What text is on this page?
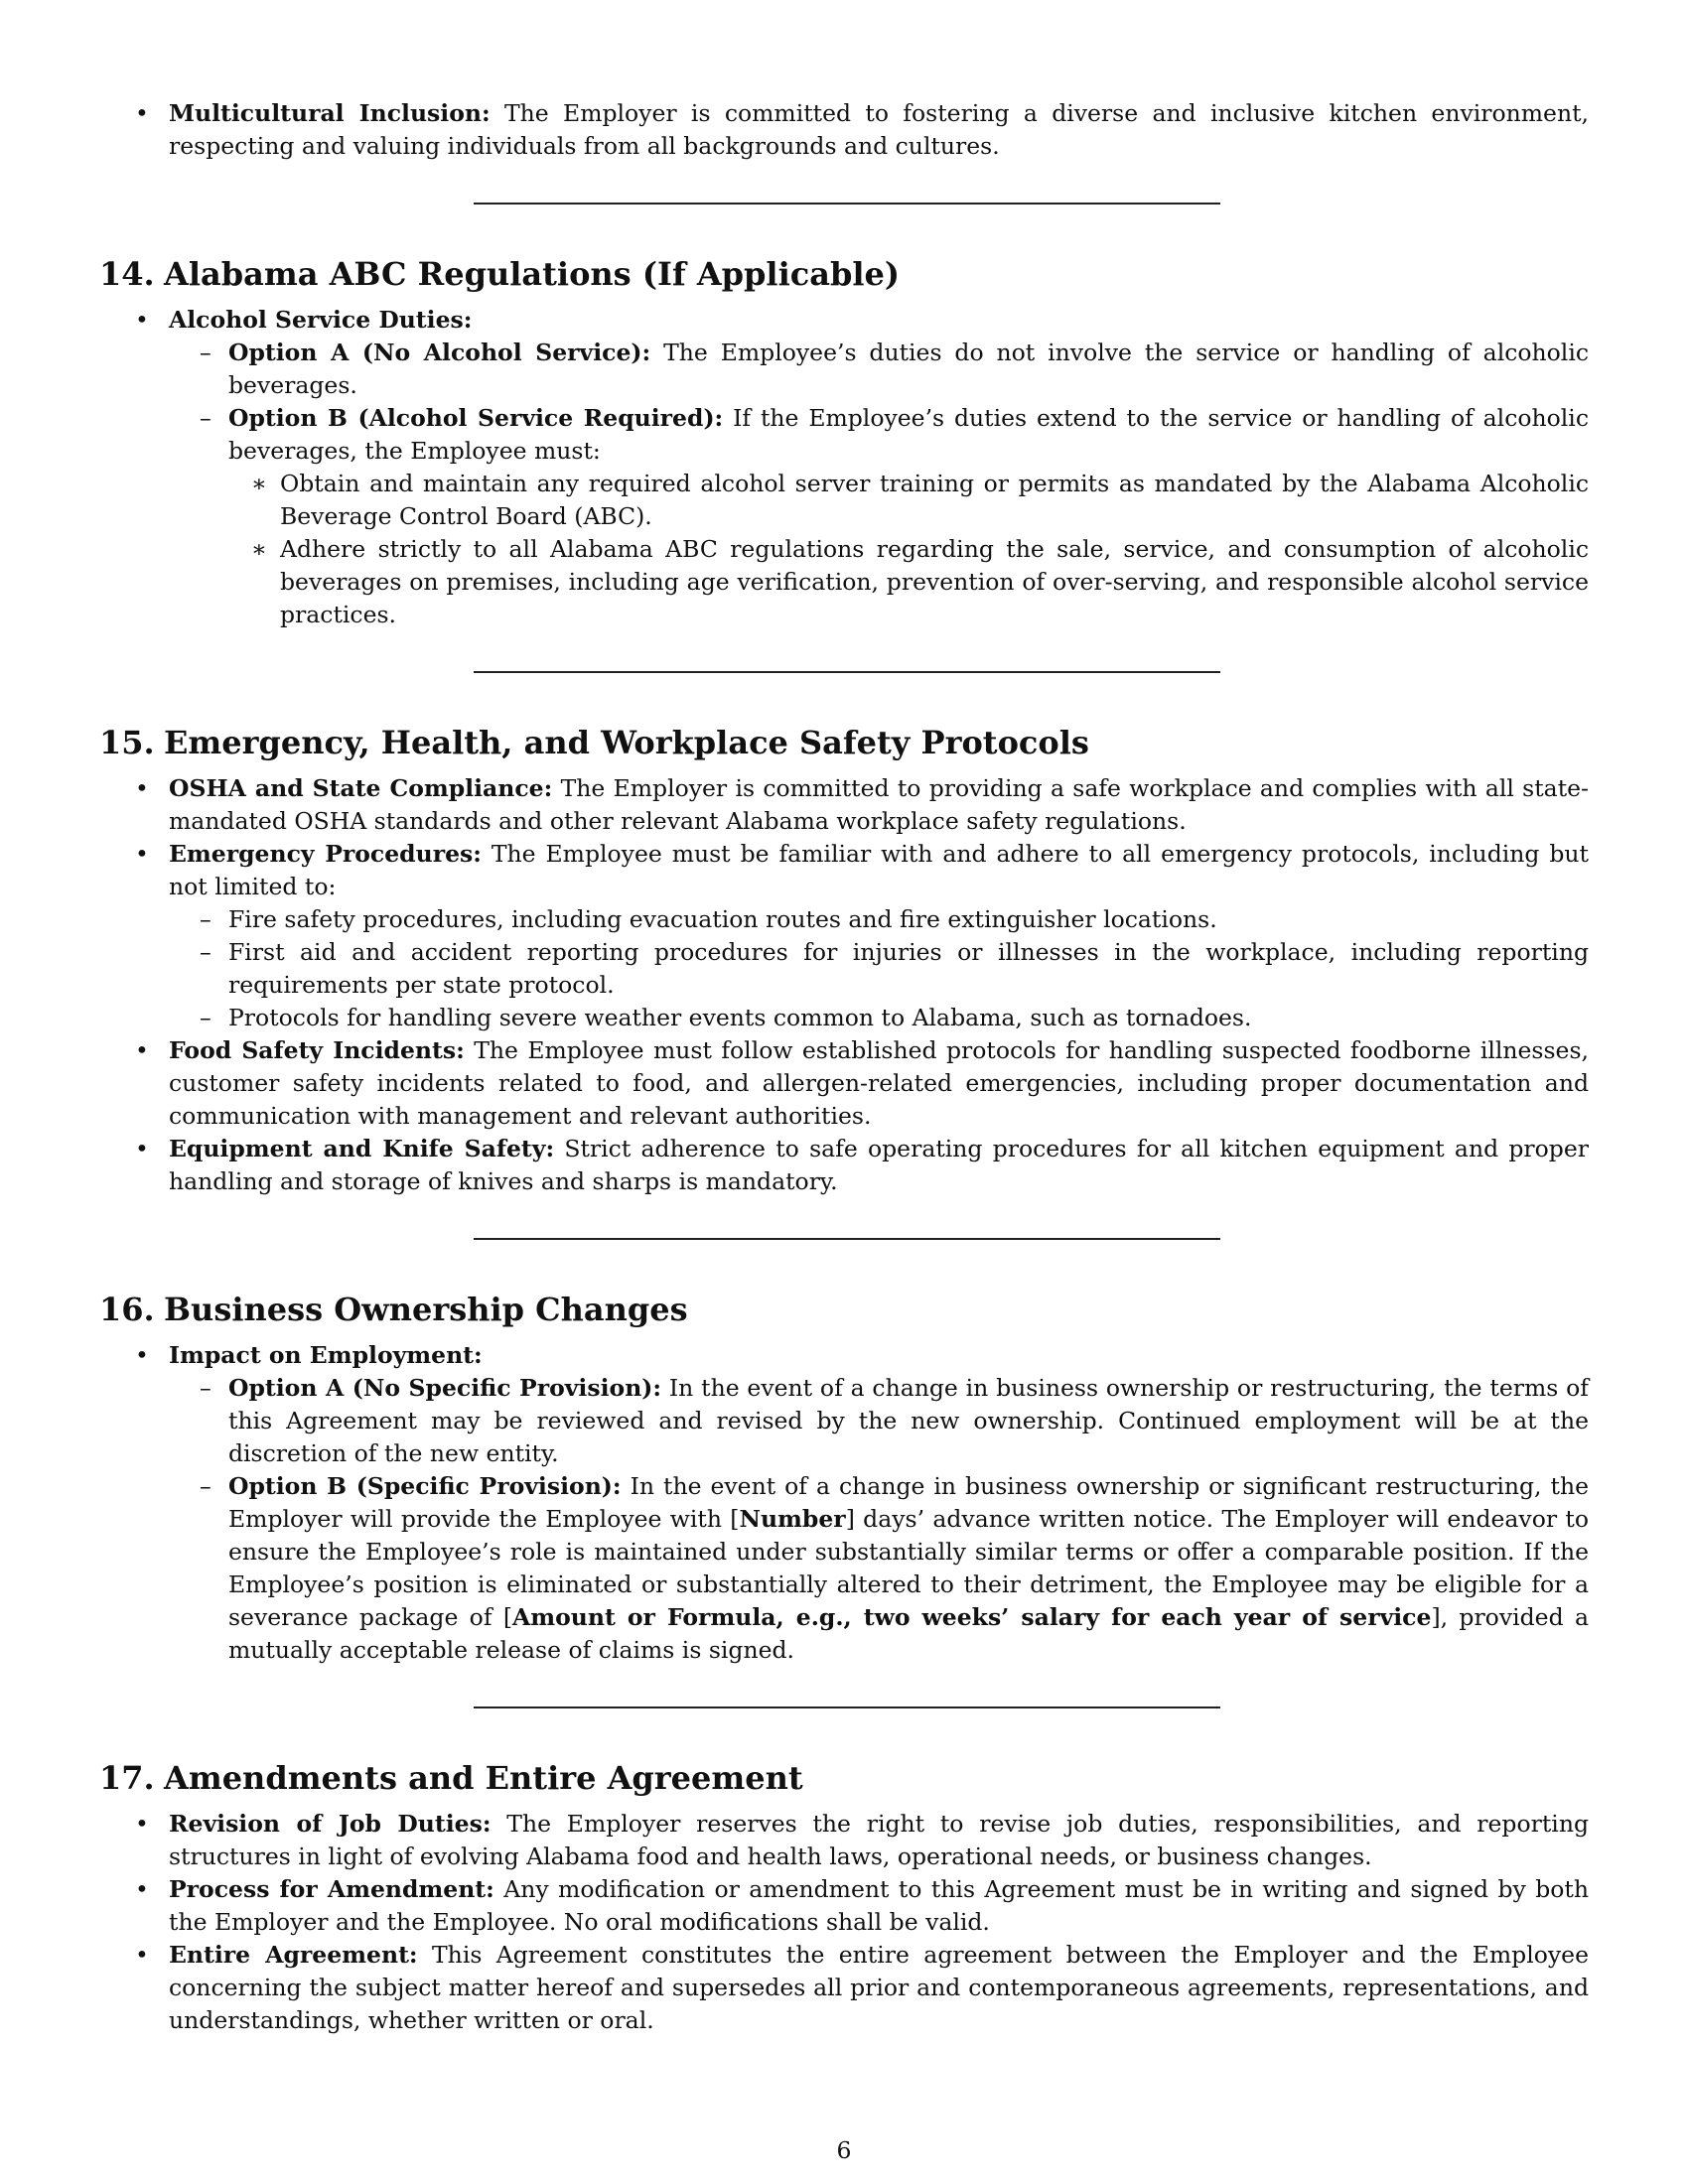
• Multicultural Inclusion: The Employer is committed to fostering a diverse and inclusive kitchen environment, respecting and valuing individuals from all backgrounds and cultures.
14. Alabama ABC Regulations (If Applicable)
• Alcohol Service Duties:
– Option A (No Alcohol Service): The Employee’s duties do not involve the service or handling of alcoholic beverages.
– Option B (Alcohol Service Required): If the Employee’s duties extend to the service or handling of alcoholic beverages, the Employee must:
∗ Obtain and maintain any required alcohol server training or permits as mandated by the Alabama Alcoholic Beverage Control Board (ABC).
∗ Adhere strictly to all Alabama ABC regulations regarding the sale, service, and consumption of alcoholic beverages on premises, including age verification, prevention of over-serving, and responsible alcohol service practices.
15. Emergency, Health, and Workplace Safety Protocols
• OSHA and State Compliance: The Employer is committed to providing a safe workplace and complies with all state-mandated OSHA standards and other relevant Alabama workplace safety regulations.
• Emergency Procedures: The Employee must be familiar with and adhere to all emergency protocols, including but not limited to:
– Fire safety procedures, including evacuation routes and fire extinguisher locations.
– First aid and accident reporting procedures for injuries or illnesses in the workplace, including reporting requirements per state protocol.
– Protocols for handling severe weather events common to Alabama, such as tornadoes.
• Food Safety Incidents: The Employee must follow established protocols for handling suspected foodborne illnesses, customer safety incidents related to food, and allergen-related emergencies, including proper documentation and communication with management and relevant authorities.
• Equipment and Knife Safety: Strict adherence to safe operating procedures for all kitchen equipment and proper handling and storage of knives and sharps is mandatory.
16. Business Ownership Changes
• Impact on Employment:
– Option A (No Specific Provision): In the event of a change in business ownership or restructuring, the terms of this Agreement may be reviewed and revised by the new ownership. Continued employment will be at the discretion of the new entity.
– Option B (Specific Provision): In the event of a change in business ownership or significant restructuring, the Employer will provide the Employee with [Number] days’ advance written notice. The Employer will endeavor to ensure the Employee’s role is maintained under substantially similar terms or offer a comparable position. If the Employee’s position is eliminated or substantially altered to their detriment, the Employee may be eligible for a severance package of [Amount or Formula, e.g., two weeks’ salary for each year of service], provided a mutually acceptable release of claims is signed.
17. Amendments and Entire Agreement
• Revision of Job Duties: The Employer reserves the right to revise job duties, responsibilities, and reporting structures in light of evolving Alabama food and health laws, operational needs, or business changes.
• Process for Amendment: Any modification or amendment to this Agreement must be in writing and signed by both the Employer and the Employee. No oral modifications shall be valid.
• Entire Agreement: This Agreement constitutes the entire agreement between the Employer and the Employee concerning the subject matter hereof and supersedes all prior and contemporaneous agreements, representations, and understandings, whether written or oral.
6
